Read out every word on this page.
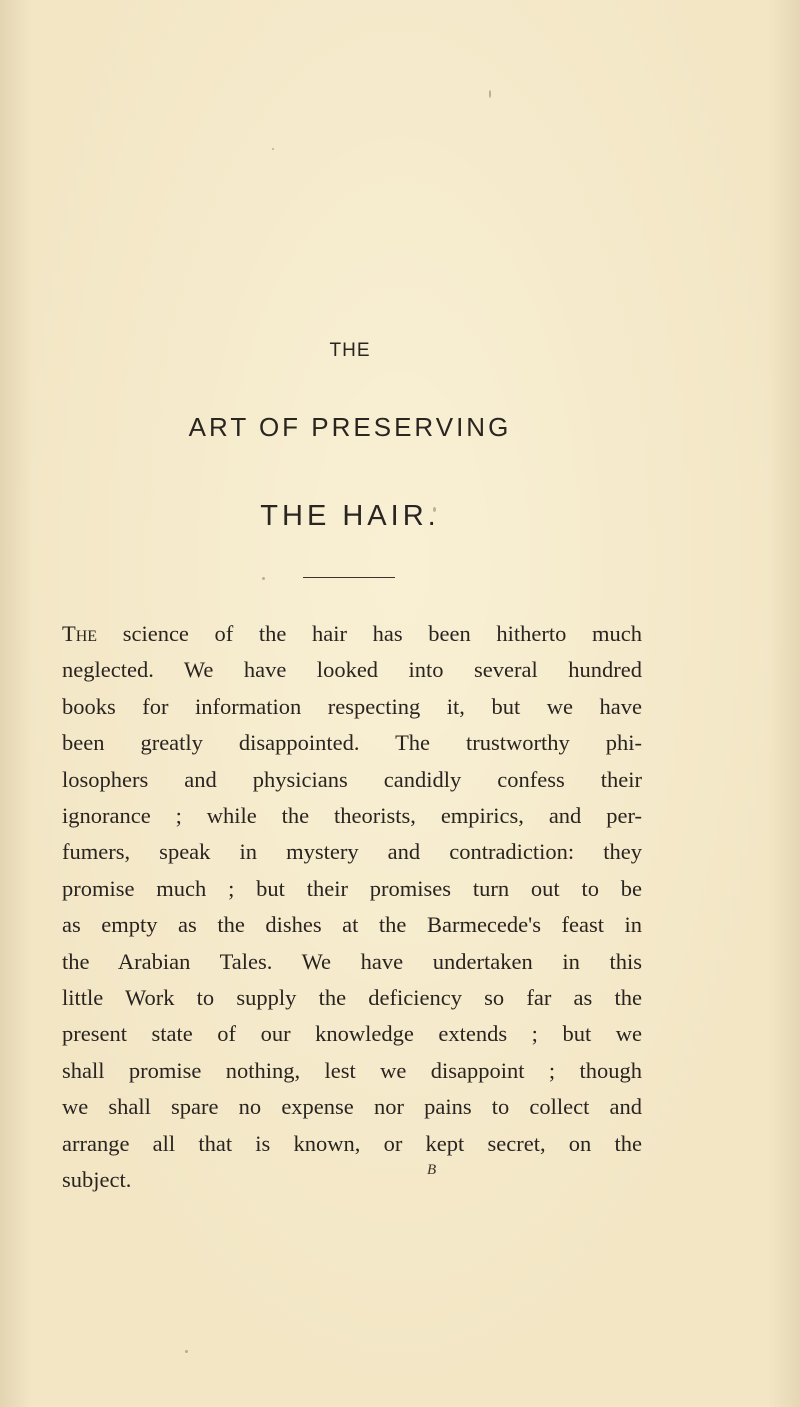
THE
ART OF PRESERVING
THE HAIR.
The science of the hair has been hitherto much
neglected. We have looked into several hundred
books for information respecting it, but we have
been greatly disappointed. The trustworthy phi-
losophers and physicians candidly confess their
ignorance ; while the theorists, empirics, and per-
fumers, speak in mystery and contradiction: they
promise much ; but their promises turn out to be
as empty as the dishes at the Barmecede's feast in
the Arabian Tales. We have undertaken in this
little Work to supply the deficiency so far as the
present state of our knowledge extends ; but we
shall promise nothing, lest we disappoint ; though
we shall spare no expense nor pains to collect and
arrange all that is known, or kept secret, on the
subject.	B
